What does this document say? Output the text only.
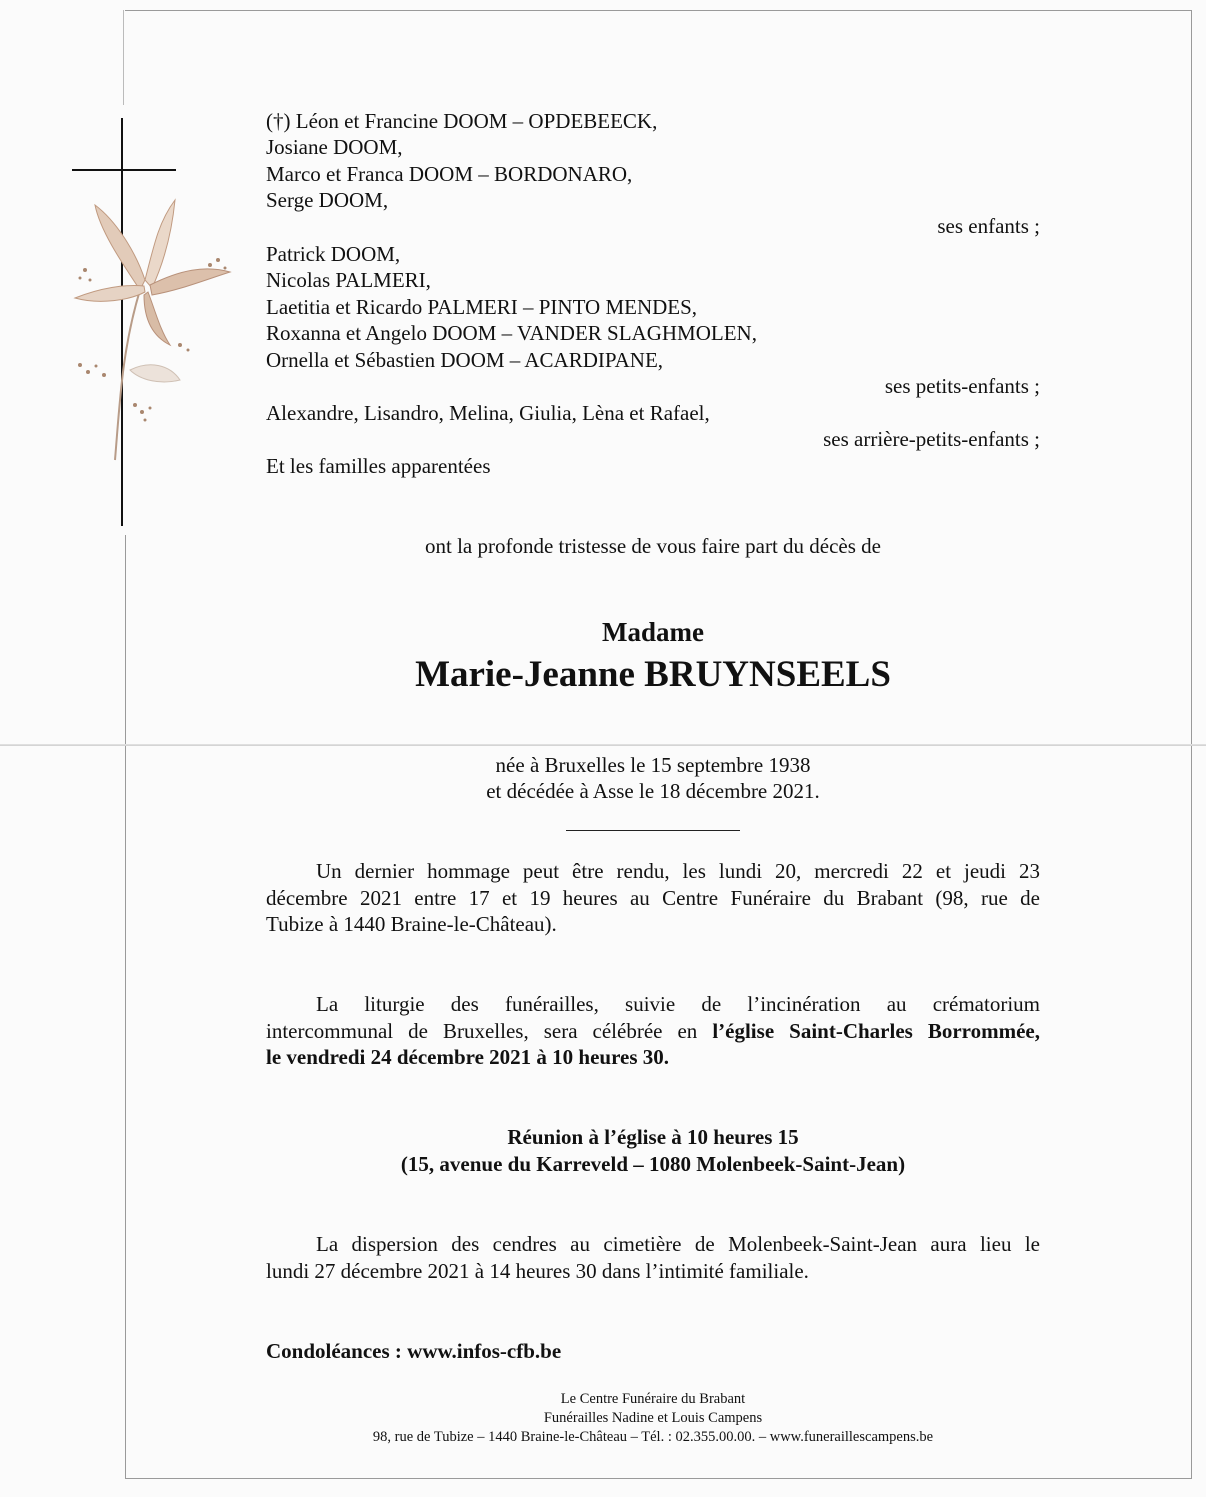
(†) Léon et Francine DOOM – OPDEBEECK,
Josiane DOOM,
Marco et Franca DOOM – BORDONARO,
Serge DOOM,
ses enfants ;
Patrick DOOM,
Nicolas PALMERI,
Laetitia et Ricardo PALMERI – PINTO MENDES,
Roxanna et Angelo DOOM – VANDER SLAGHMOLEN,
Ornella et Sébastien DOOM – ACARDIPANE,
ses petits-enfants ;
Alexandre, Lisandro, Melina, Giulia, Lèna et Rafael,
ses arrière-petits-enfants ;
Et les familles apparentées
ont la profonde tristesse de vous faire part du décès de
Madame
Marie-Jeanne BRUYNSEELS
née à Bruxelles le 15 septembre 1938
et décédée à Asse le 18 décembre 2021.
Un dernier hommage peut être rendu, les lundi 20, mercredi 22 et jeudi 23
décembre 2021 entre 17 et 19 heures au Centre Funéraire du Brabant (98, rue de
Tubize à 1440 Braine-le-Château).
La liturgie des funérailles, suivie de l’incinération au crématorium
intercommunal de Bruxelles, sera célébrée en l’église Saint-Charles Borrommée,
le vendredi 24 décembre 2021 à 10 heures 30.
Réunion à l’église à 10 heures 15
(15, avenue du Karreveld – 1080 Molenbeek-Saint-Jean)
La dispersion des cendres au cimetière de Molenbeek-Saint-Jean aura lieu le
lundi 27 décembre 2021 à 14 heures 30 dans l’intimité familiale.
Condoléances : www.infos-cfb.be
Le Centre Funéraire du Brabant
Funérailles Nadine et Louis Campens
98, rue de Tubize – 1440 Braine-le-Château – Tél. : 02.355.00.00. – www.funeraillescampens.be
